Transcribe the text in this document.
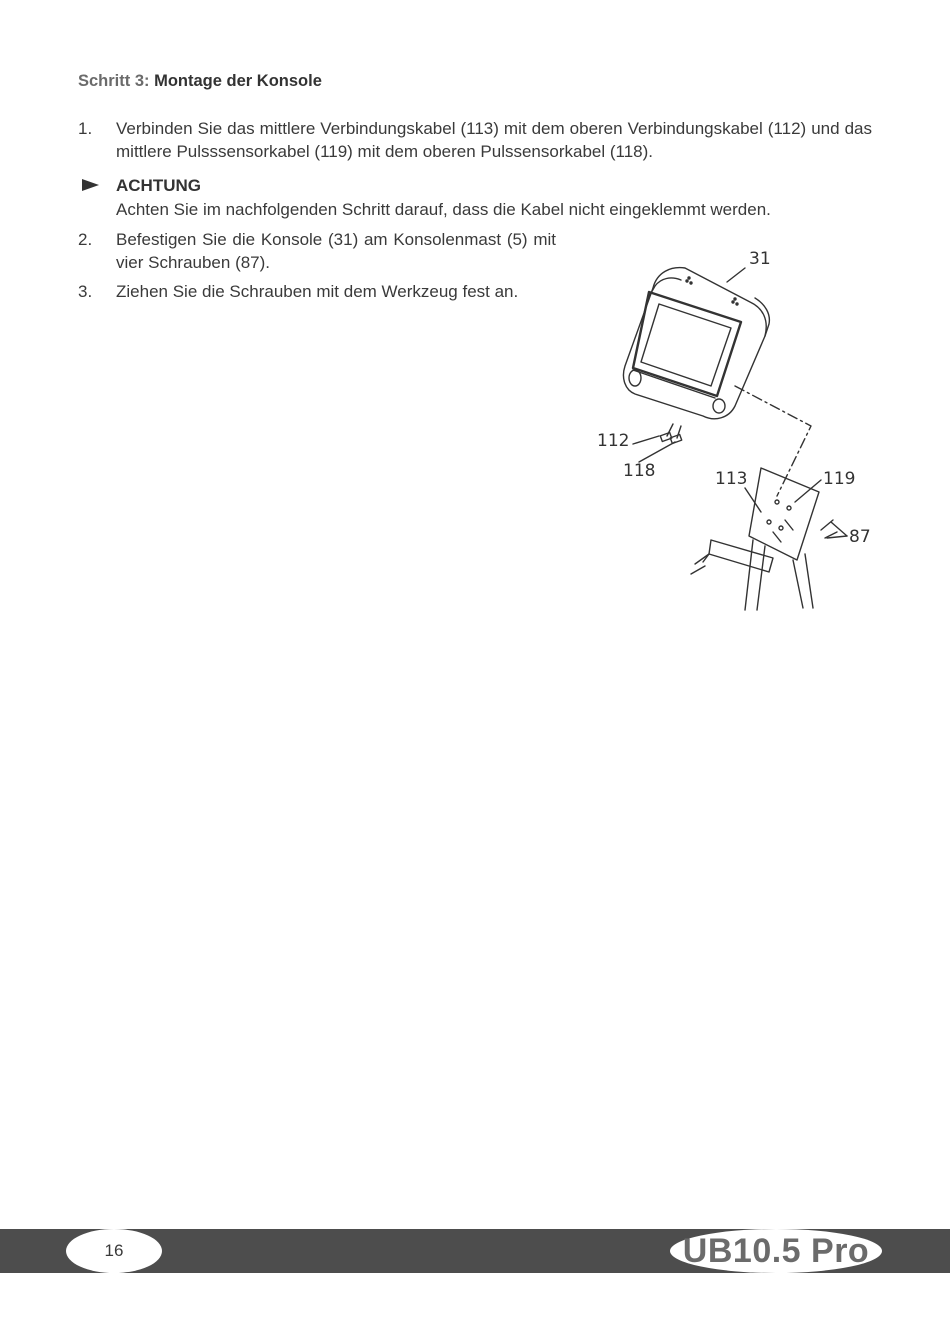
Schritt 3: Montage der Konsole
1.	Verbinden Sie das mittlere Verbindungskabel (113) mit dem oberen Verbindungskabel (112) und das mittlere Pulsssensorkabel (119) mit dem oberen Pulssensorkabel (118).
ACHTUNG
Achten Sie im nachfolgenden Schritt darauf, dass die Kabel nicht eingeklemmt werden.
2.	Befestigen Sie die Konsole (31) am Konsolenmast (5) mit vier Schrauben (87).
3.	Ziehen Sie die Schrauben mit dem Werkzeug fest an.
31
112
118	113	119
87
16	UB10.5 Pro
